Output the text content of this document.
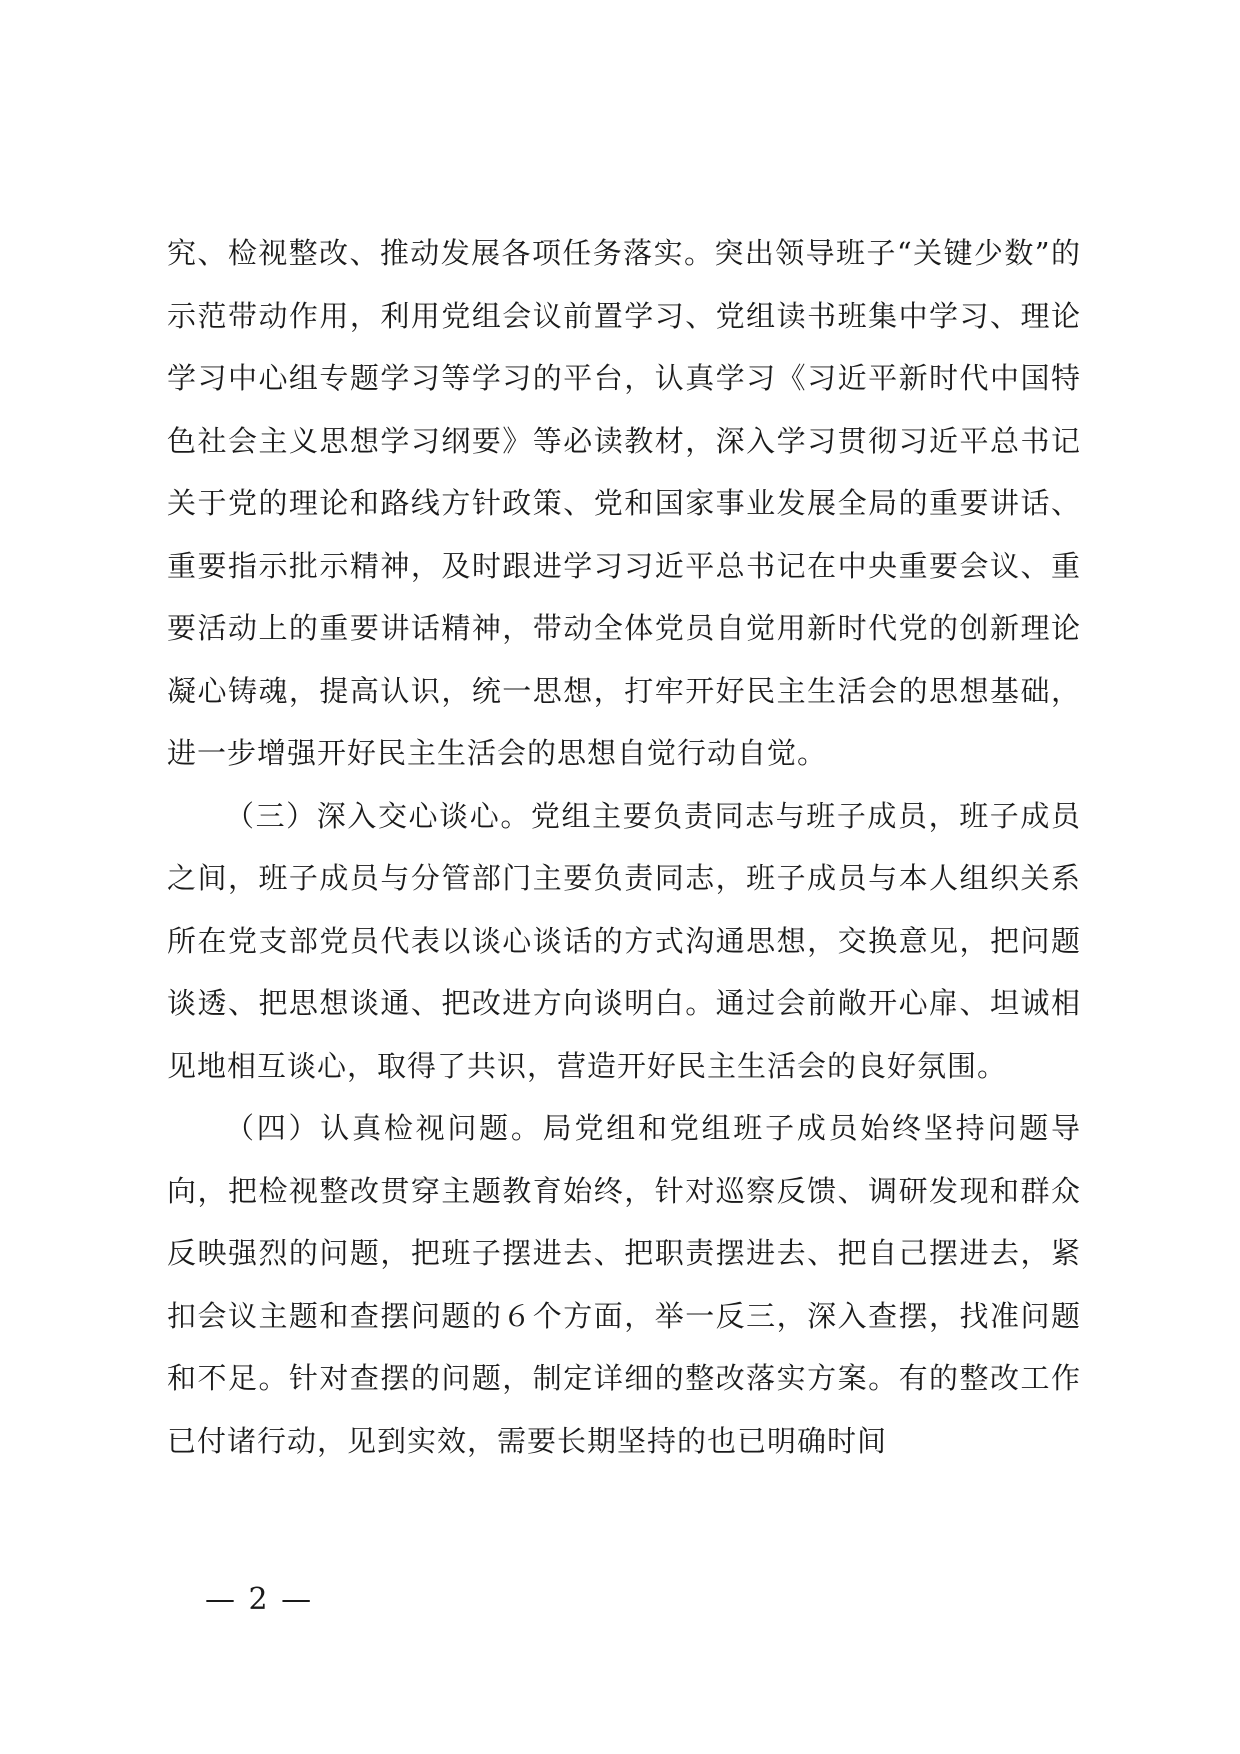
究、检视整改、推动发展各项任务落实。突出领导班子“关键少数”的示范带动作用，利用党组会议前置学习、党组读书班集中学习、理论学习中心组专题学习等学习的平台，认真学习《习近平新时代中国特色社会主义思想学习纲要》等必读教材，深入学习贯彻习近平总书记关于党的理论和路线方针政策、党和国家事业发展全局的重要讲话、重要指示批示精神，及时跟进学习习近平总书记在中央重要会议、重要活动上的重要讲话精神，带动全体党员自觉用新时代党的创新理论凝心铸魂，提高认识，统一思想，打牢开好民主生活会的思想基础，进一步增强开好民主生活会的思想自觉行动自觉。

（三）深入交心谈心。党组主要负责同志与班子成员，班子成员之间，班子成员与分管部门主要负责同志，班子成员与本人组织关系所在党支部党员代表以谈心谈话的方式沟通思想，交换意见，把问题谈透、把思想谈通、把改进方向谈明白。通过会前敞开心扉、坦诚相见地相互谈心，取得了共识，营造开好民主生活会的良好氛围。

（四）认真检视问题。局党组和党组班子成员始终坚持问题导向，把检视整改贯穿主题教育始终，针对巡察反馈、调研发现和群众反映强烈的问题，把班子摆进去、把职责摆进去、把自己摆进去，紧扣会议主题和查摆问题的６个方面，举一反三，深入查摆，找准问题和不足。针对查摆的问题，制定详细的整改落实方案。有的整改工作已付诸行动，见到实效，需要长期坚持的也已明确时间

— 2 —
